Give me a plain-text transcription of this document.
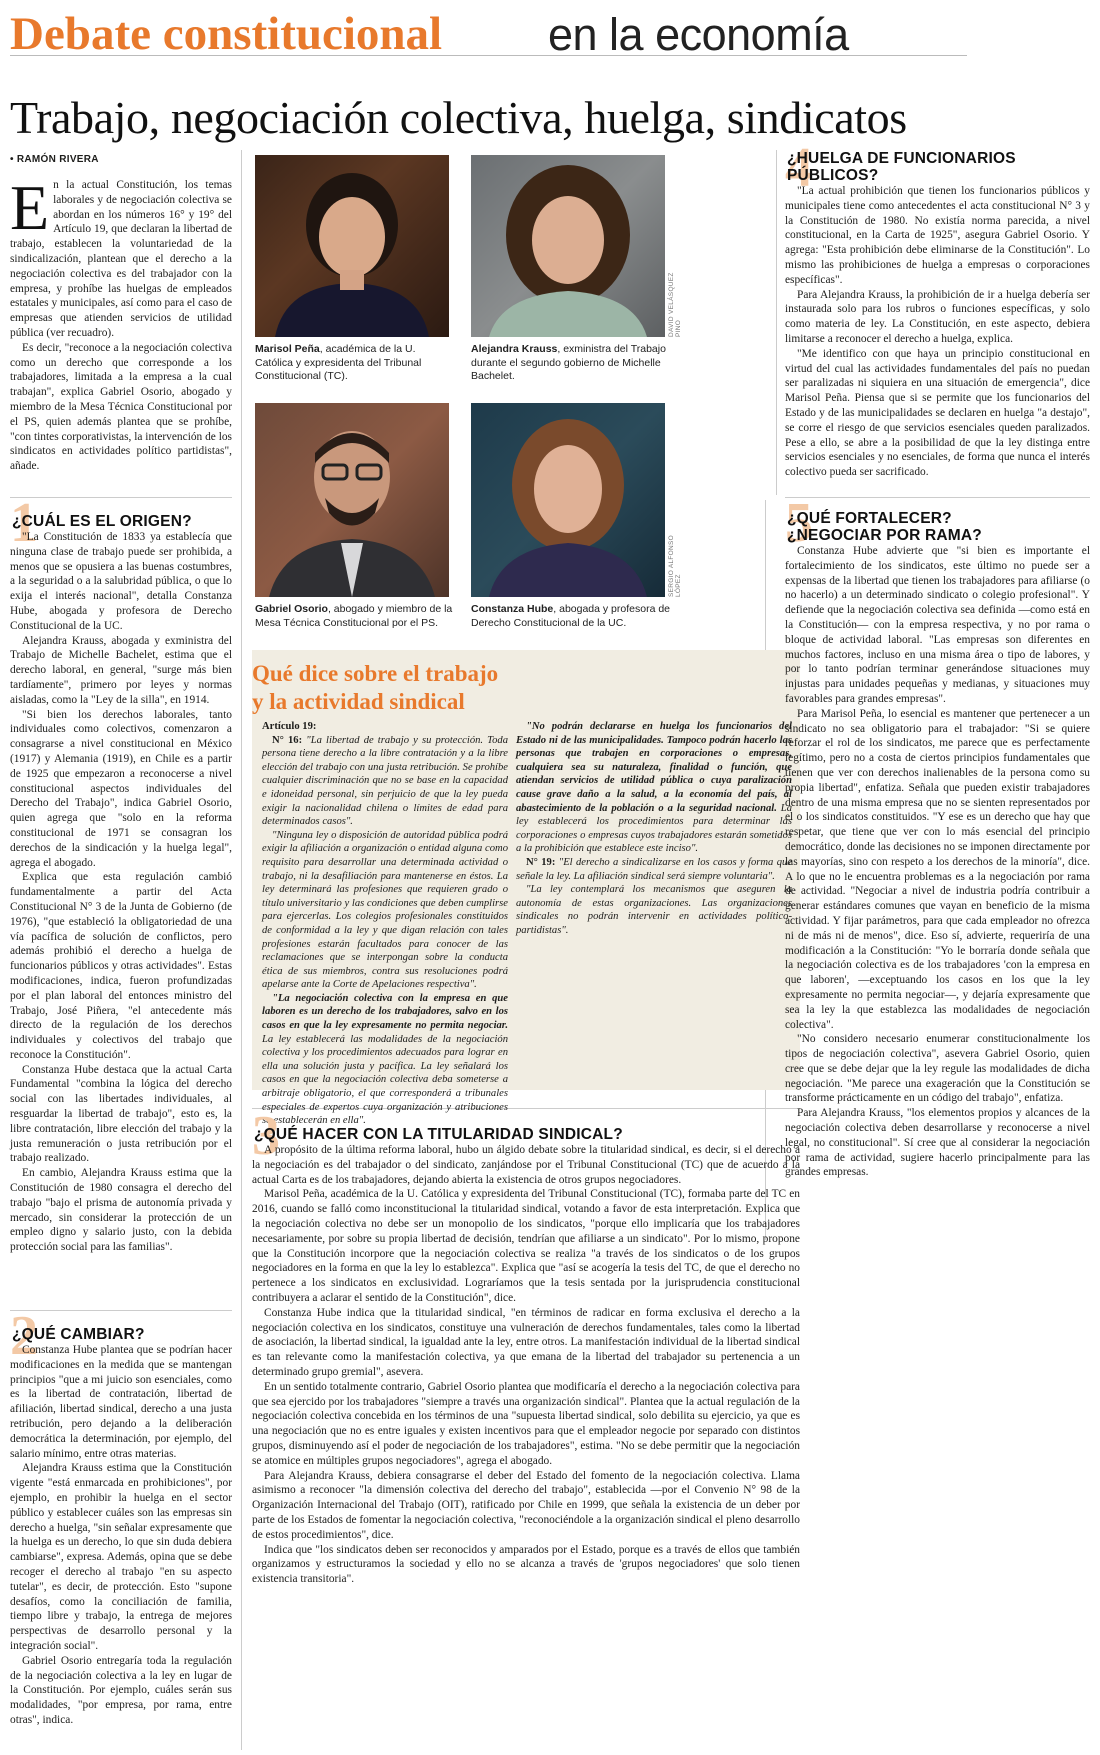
Debate constitucional en la economía
Trabajo, negociación colectiva, huelga, sindicatos
• RAMÓN RIVERA

En la actual Constitución, los temas laborales y de negociación colectiva se abordan en los números 16° y 19° del Artículo 19, que declaran la libertad de trabajo, establecen la voluntariedad de la sindicalización, plantean que el derecho a la negociación colectiva es del trabajador con la empresa, y prohíbe las huelgas de empleados estatales y municipales, así como para el caso de empresas que atienden servicios de utilidad pública (ver recuadro).

Es decir, "reconoce a la negociación colectiva como un derecho que corresponde a los trabajadores, limitada a la empresa a la cual trabajan", explica Gabriel Osorio, abogado y miembro de la Mesa Técnica Constitucional por el PS, quien además plantea que se prohíbe, "con tintes corporativistas, la intervención de los sindicatos en actividades político partidistas", añade.

1
¿CUÁL ES EL ORIGEN?

"La Constitución de 1833 ya establecía que ninguna clase de trabajo puede ser prohibida, a menos que se opusiera a las buenas costumbres, a la seguridad o a la salubridad pública, o que lo exija el interés nacional", detalla Constanza Hube, abogada y profesora de Derecho Constitucional de la UC.

Alejandra Krauss, abogada y exministra del Trabajo de Michelle Bachelet, estima que el derecho laboral, en general, "surge más bien tardíamente", primero por leyes y normas aisladas, como la "Ley de la silla", en 1914.

"Si bien los derechos laborales, tanto individuales como colectivos, comenzaron a consagrarse a nivel constitucional en México (1917) y Alemania (1919), en Chile es a partir de 1925 que empezaron a reconocerse a nivel constitucional aspectos individuales del Derecho del Trabajo", indica Gabriel Osorio, quien agrega que "solo en la reforma constitucional de 1971 se consagran los derechos de la sindicación y la huelga legal", agrega el abogado.

Explica que esta regulación cambió fundamentalmente a partir del Acta Constitucional N° 3 de la Junta de Gobierno (de 1976), "que estableció la obligatoriedad de una vía pacífica de solución de conflictos, pero además prohibió el derecho a huelga de funcionarios públicos y otras actividades". Estas modificaciones, indica, fueron profundizadas por el plan laboral del entonces ministro del Trabajo, José Piñera, "el antecedente más directo de la regulación de los derechos individuales y colectivos del trabajo que reconoce la Constitución".

Constanza Hube destaca que la actual Carta Fundamental "combina la lógica del derecho social con las libertades individuales, al resguardar la libertad de trabajo", esto es, la libre contratación, libre elección del trabajo y la justa remuneración o justa retribución por el trabajo realizado.

En cambio, Alejandra Krauss estima que la Constitución de 1980 consagra el derecho del trabajo "bajo el prisma de autonomía privada y mercado, sin considerar la protección de un empleo digno y salario justo, con la debida protección social para las familias".

2
¿QUÉ CAMBIAR?

Constanza Hube plantea que se podrían hacer modificaciones en la medida que se mantengan principios "que a mi juicio son esenciales, como es la libertad de contratación, libertad de afiliación, libertad sindical, derecho a una justa retribución, pero dejando a la deliberación democrática la determinación, por ejemplo, del salario mínimo, entre otras materias.

Alejandra Krauss estima que la Constitución vigente "está enmarcada en prohibiciones", por ejemplo, en prohibir la huelga en el sector público y establecer cuáles son las empresas sin derecho a huelga, "sin señalar expresamente que la huelga es un derecho, lo que sin duda debiera cambiarse", expresa. Además, opina que se debe recoger el derecho al trabajo "en su aspecto tutelar", es decir, de protección. Esto "supone desafíos, como la conciliación de familia, tiempo libre y trabajo, la entrega de mejores perspectivas de desarrollo personal y la integración social".

Gabriel Osorio entregaría toda la regulación de la negociación colectiva a la ley en lugar de la Constitución. Por ejemplo, cuáles serán sus modalidades, "por empresa, por rama, entre otras", indica.

DAVID VELÁSQUEZ PINO
Marisol Peña, académica de la U. Católica y expresidenta del Tribunal Constitucional (TC).
Alejandra Krauss, exministra del Trabajo durante el segundo gobierno de Michelle Bachelet.
SERGIO ALFONSO LÓPEZ
Gabriel Osorio, abogado y miembro de la Mesa Técnica Constitucional por el PS.
Constanza Hube, abogada y profesora de Derecho Constitucional de la UC.
Qué dice sobre el trabajo
y la actividad sindical

Artículo 19:

N° 16: "La libertad de trabajo y su protección. Toda persona tiene derecho a la libre contratación y a la libre elección del trabajo con una justa retribución. Se prohíbe cualquier discriminación que no se base en la capacidad e idoneidad personal, sin perjuicio de que la ley pueda exigir la nacionalidad chilena o límites de edad para determinados casos".

"Ninguna ley o disposición de autoridad pública podrá exigir la afiliación a organización o entidad alguna como requisito para desarrollar una determinada actividad o trabajo, ni la desafiliación para mantenerse en éstos. La ley determinará las profesiones que requieren grado o título universitario y las condiciones que deben cumplirse para ejercerlas. Los colegios profesionales constituidos de conformidad a la ley y que digan relación con tales profesiones estarán facultados para conocer de las reclamaciones que se interpongan sobre la conducta ética de sus miembros, contra sus resoluciones podrá apelarse ante la Corte de Apelaciones respectiva".

"La negociación colectiva con la empresa en que laboren es un derecho de los trabajadores, salvo en los casos en que la ley expresamente no permita negociar. La ley establecerá las modalidades de la negociación colectiva y los procedimientos adecuados para lograr en ella una solución justa y pacífica. La ley señalará los casos en que la negociación colectiva deba someterse a arbitraje obligatorio, el que corresponderá a tribunales especiales de expertos cuya organización y atribuciones se establecerán en ella".

"No podrán declararse en huelga los funcionarios del Estado ni de las municipalidades. Tampoco podrán hacerlo las personas que trabajen en corporaciones o empresas, cualquiera sea su naturaleza, finalidad o función, que atiendan servicios de utilidad pública o cuya paralización cause grave daño a la salud, a la economía del país, al abastecimiento de la población o a la seguridad nacional. La ley establecerá los procedimientos para determinar las corporaciones o empresas cuyos trabajadores estarán sometidos a la prohibición que establece este inciso".

N° 19: "El derecho a sindicalizarse en los casos y forma que señale la ley. La afiliación sindical será siempre voluntaria".

"La ley contemplará los mecanismos que aseguren la autonomía de estas organizaciones. Las organizaciones sindicales no podrán intervenir en actividades político-partidistas".

3
¿QUÉ HACER CON LA TITULARIDAD SINDICAL?

A propósito de la última reforma laboral, hubo un álgido debate sobre la titularidad sindical, es decir, si el derecho a la negociación es del trabajador o del sindicato, zanjándose por el Tribunal Constitucional (TC) que de acuerdo a la actual Carta es de los trabajadores, dejando abierta la existencia de otros grupos negociadores.

Marisol Peña, académica de la U. Católica y expresidenta del Tribunal Constitucional (TC), formaba parte del TC en 2016, cuando se falló como inconstitucional la titularidad sindical, votando a favor de esta interpretación. Explica que la negociación colectiva no debe ser un monopolio de los sindicatos, "porque ello implicaría que los trabajadores necesariamente, por sobre su propia libertad de decisión, tendrían que afiliarse a un sindicato". Por lo mismo, propone que la Constitución incorpore que la negociación colectiva se realiza "a través de los sindicatos o de los grupos negociadores en la forma en que la ley lo establezca". Explica que "así se acogería la tesis del TC, de que el derecho no pertenece a los sindicatos en exclusividad. Lograríamos que la tesis sentada por la jurisprudencia constitucional contribuyera a aclarar el sentido de la Constitución", dice.

Constanza Hube indica que la titularidad sindical, "en términos de radicar en forma exclusiva el derecho a la negociación colectiva en los sindicatos, constituye una vulneración de derechos fundamentales, tales como la libertad de asociación, la libertad sindical, la igualdad ante la ley, entre otros. La manifestación individual de la libertad sindical es tan relevante como la manifestación colectiva, ya que emana de la libertad del trabajador su pertenencia a un determinado grupo gremial", asevera.

En un sentido totalmente contrario, Gabriel Osorio plantea que modificaría el derecho a la negociación colectiva para que sea ejercido por los trabajadores "siempre a través una organización sindical". Plantea que la actual regulación de la negociación colectiva concebida en los términos de una "supuesta libertad sindical, solo debilita su ejercicio, ya que es una negociación que no es entre iguales y existen incentivos para que el empleador negocie por separado con distintos grupos, disminuyendo así el poder de negociación de los trabajadores", estima. "No se debe permitir que la negociación se atomice en múltiples grupos negociadores", agrega el abogado.

Para Alejandra Krauss, debiera consagrarse el deber del Estado del fomento de la negociación colectiva. Llama asimismo a reconocer "la dimensión colectiva del derecho del trabajo", establecida —por el Convenio N° 98 de la Organización Internacional del Trabajo (OIT), ratificado por Chile en 1999, que señala la existencia de un deber por parte de los Estados de fomentar la negociación colectiva, "reconociéndole a la organización sindical el pleno desarrollo de estos procedimientos", dice.

Indica que "los sindicatos deben ser reconocidos y amparados por el Estado, porque es a través de ellos que también organizamos y estructuramos la sociedad y ello no se alcanza a través de 'grupos negociadores' que solo tienen existencia transitoria".

4
¿HUELGA DE FUNCIONARIOS
PÚBLICOS?

"La actual prohibición que tienen los funcionarios públicos y municipales tiene como antecedentes el acta constitucional N° 3 y la Constitución de 1980. No existía norma parecida, a nivel constitucional, en la Carta de 1925", asegura Gabriel Osorio. Y agrega: "Esta prohibición debe eliminarse de la Constitución". Lo mismo las prohibiciones de huelga a empresas o corporaciones específicas".

Para Alejandra Krauss, la prohibición de ir a huelga debería ser instaurada solo para los rubros o funciones específicas, y solo como materia de ley. La Constitución, en este aspecto, debiera limitarse a reconocer el derecho a huelga, explica.

"Me identifico con que haya un principio constitucional en virtud del cual las actividades fundamentales del país no puedan ser paralizadas ni siquiera en una situación de emergencia", dice Marisol Peña. Piensa que si se permite que los funcionarios del Estado y de las municipalidades se declaren en huelga "a destajo", se corre el riesgo de que servicios esenciales queden paralizados. Pese a ello, se abre a la posibilidad de que la ley distinga entre servicios esenciales y no esenciales, de forma que nunca el interés colectivo pueda ser sacrificado.

5
¿QUÉ FORTALECER?
¿NEGOCIAR POR RAMA?

Constanza Hube advierte que "si bien es importante el fortalecimiento de los sindicatos, este último no puede ser a expensas de la libertad que tienen los trabajadores para afiliarse (o no hacerlo) a un determinado sindicato o colegio profesional". Y defiende que la negociación colectiva sea definida —como está en la Constitución— con la empresa respectiva, y no por rama o bloque de actividad laboral. "Las empresas son diferentes en muchos factores, incluso en una misma área o tipo de labores, y por lo tanto podrían terminar generándose situaciones muy injustas para unidades pequeñas y medianas, y situaciones muy favorables para grandes empresas".

Para Marisol Peña, lo esencial es mantener que pertenecer a un sindicato no sea obligatorio para el trabajador: "Si se quiere reforzar el rol de los sindicatos, me parece que es perfectamente legítimo, pero no a costa de ciertos principios fundamentales que tienen que ver con derechos inalienables de la persona como su propia libertad", enfatiza. Señala que pueden existir trabajadores dentro de una misma empresa que no se sienten representados por el o los sindicatos constituidos. "Y ese es un derecho que hay que respetar, que tiene que ver con lo más esencial del principio democrático, donde las decisiones no se imponen directamente por las mayorías, sino con respeto a los derechos de la minoría", dice. A lo que no le encuentra problemas es a la negociación por rama de actividad. "Negociar a nivel de industria podría contribuir a generar estándares comunes que vayan en beneficio de la misma actividad. Y fijar parámetros, para que cada empleador no ofrezca ni de más ni de menos", dice. Eso sí, advierte, requeriría de una modificación a la Constitución: "Yo le borraría donde señala que la negociación colectiva es de los trabajadores 'con la empresa en que laboren', —exceptuando los casos en los que la ley expresamente no permita negociar—, y dejaría expresamente que sea la ley la que establezca las modalidades de negociación colectiva".

"No considero necesario enumerar constitucionalmente los tipos de negociación colectiva", asevera Gabriel Osorio, quien cree que se debe dejar que la ley regule las modalidades de dicha negociación. "Me parece una exageración que la Constitución se transforme prácticamente en un código del trabajo", enfatiza.

Para Alejandra Krauss, "los elementos propios y alcances de la negociación colectiva deben desarrollarse y reconocerse a nivel legal, no constitucional". Sí cree que al considerar la negociación por rama de actividad, sugiere hacerlo principalmente para las grandes empresas.
